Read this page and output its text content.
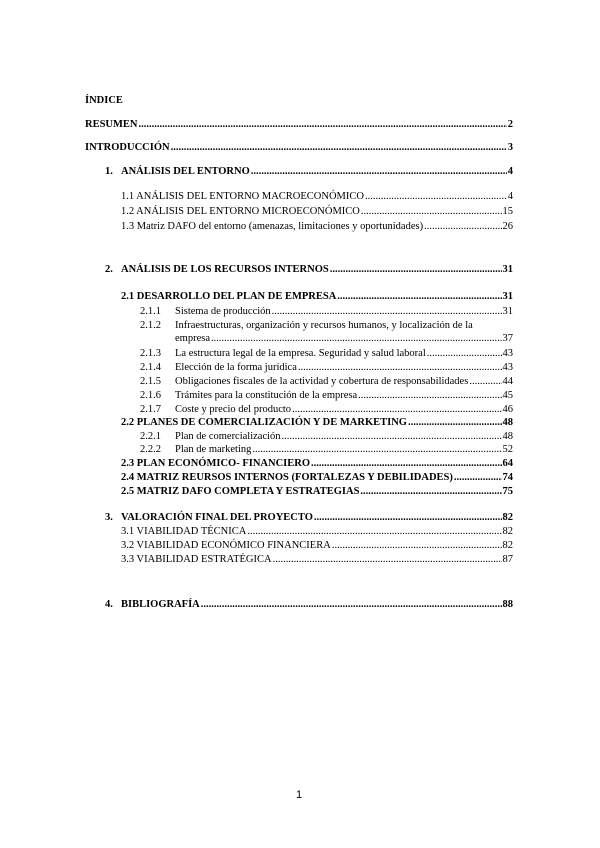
ÍNDICE
RESUMEN .....	2
INTRODUCCIÓN .....	3
1. ANÁLISIS DEL ENTORNO .....	4
1.1 ANÁLISIS DEL ENTORNO MACROECONÓMICO .....	4
1.2 ANÁLISIS DEL ENTORNO MICROECONÓMICO .....	15
1.3 Matriz DAFO del entorno (amenazas, limitaciones y oportunidades) .....	26
2. ANÁLISIS DE LOS RECURSOS INTERNOS .....	31
2.1 DESARROLLO DEL PLAN DE EMPRESA .....	31
2.1.1 Sistema de producción .....	31
2.1.2 Infraestructuras, organización y recursos humanos, y localización de la
empresa .....	37
2.1.3 La estructura legal de la empresa. Seguridad y salud laboral .....	43
2.1.4 Elección de la forma jurídica .....	43
2.1.5 Obligaciones fiscales de la actividad y cobertura de responsabilidades .....	44
2.1.6 Trámites para la constitución de la empresa .....	45
2.1.7 Coste y precio del producto .....	46
2.2 PLANES DE COMERCIALIZACIÓN Y DE MARKETING .....	48
2.2.1 Plan de comercialización .....	48
2.2.2 Plan de marketing .....	52
2.3 PLAN ECONÓMICO- FINANCIERO .....	64
2.4 MATRIZ REURSOS INTERNOS (FORTALEZAS Y DEBILIDADES) .....	74
2.5 MATRIZ DAFO COMPLETA Y ESTRATEGIAS .....	75
3. VALORACIÓN FINAL DEL PROYECTO .....	82
3.1 VIABILIDAD TÉCNICA .....	82
3.2 VIABILIDAD ECONÓMICO FINANCIERA .....	82
3.3 VIABILIDAD ESTRATÉGICA .....	87
4. BIBLIOGRAFÍA .....	88
1
